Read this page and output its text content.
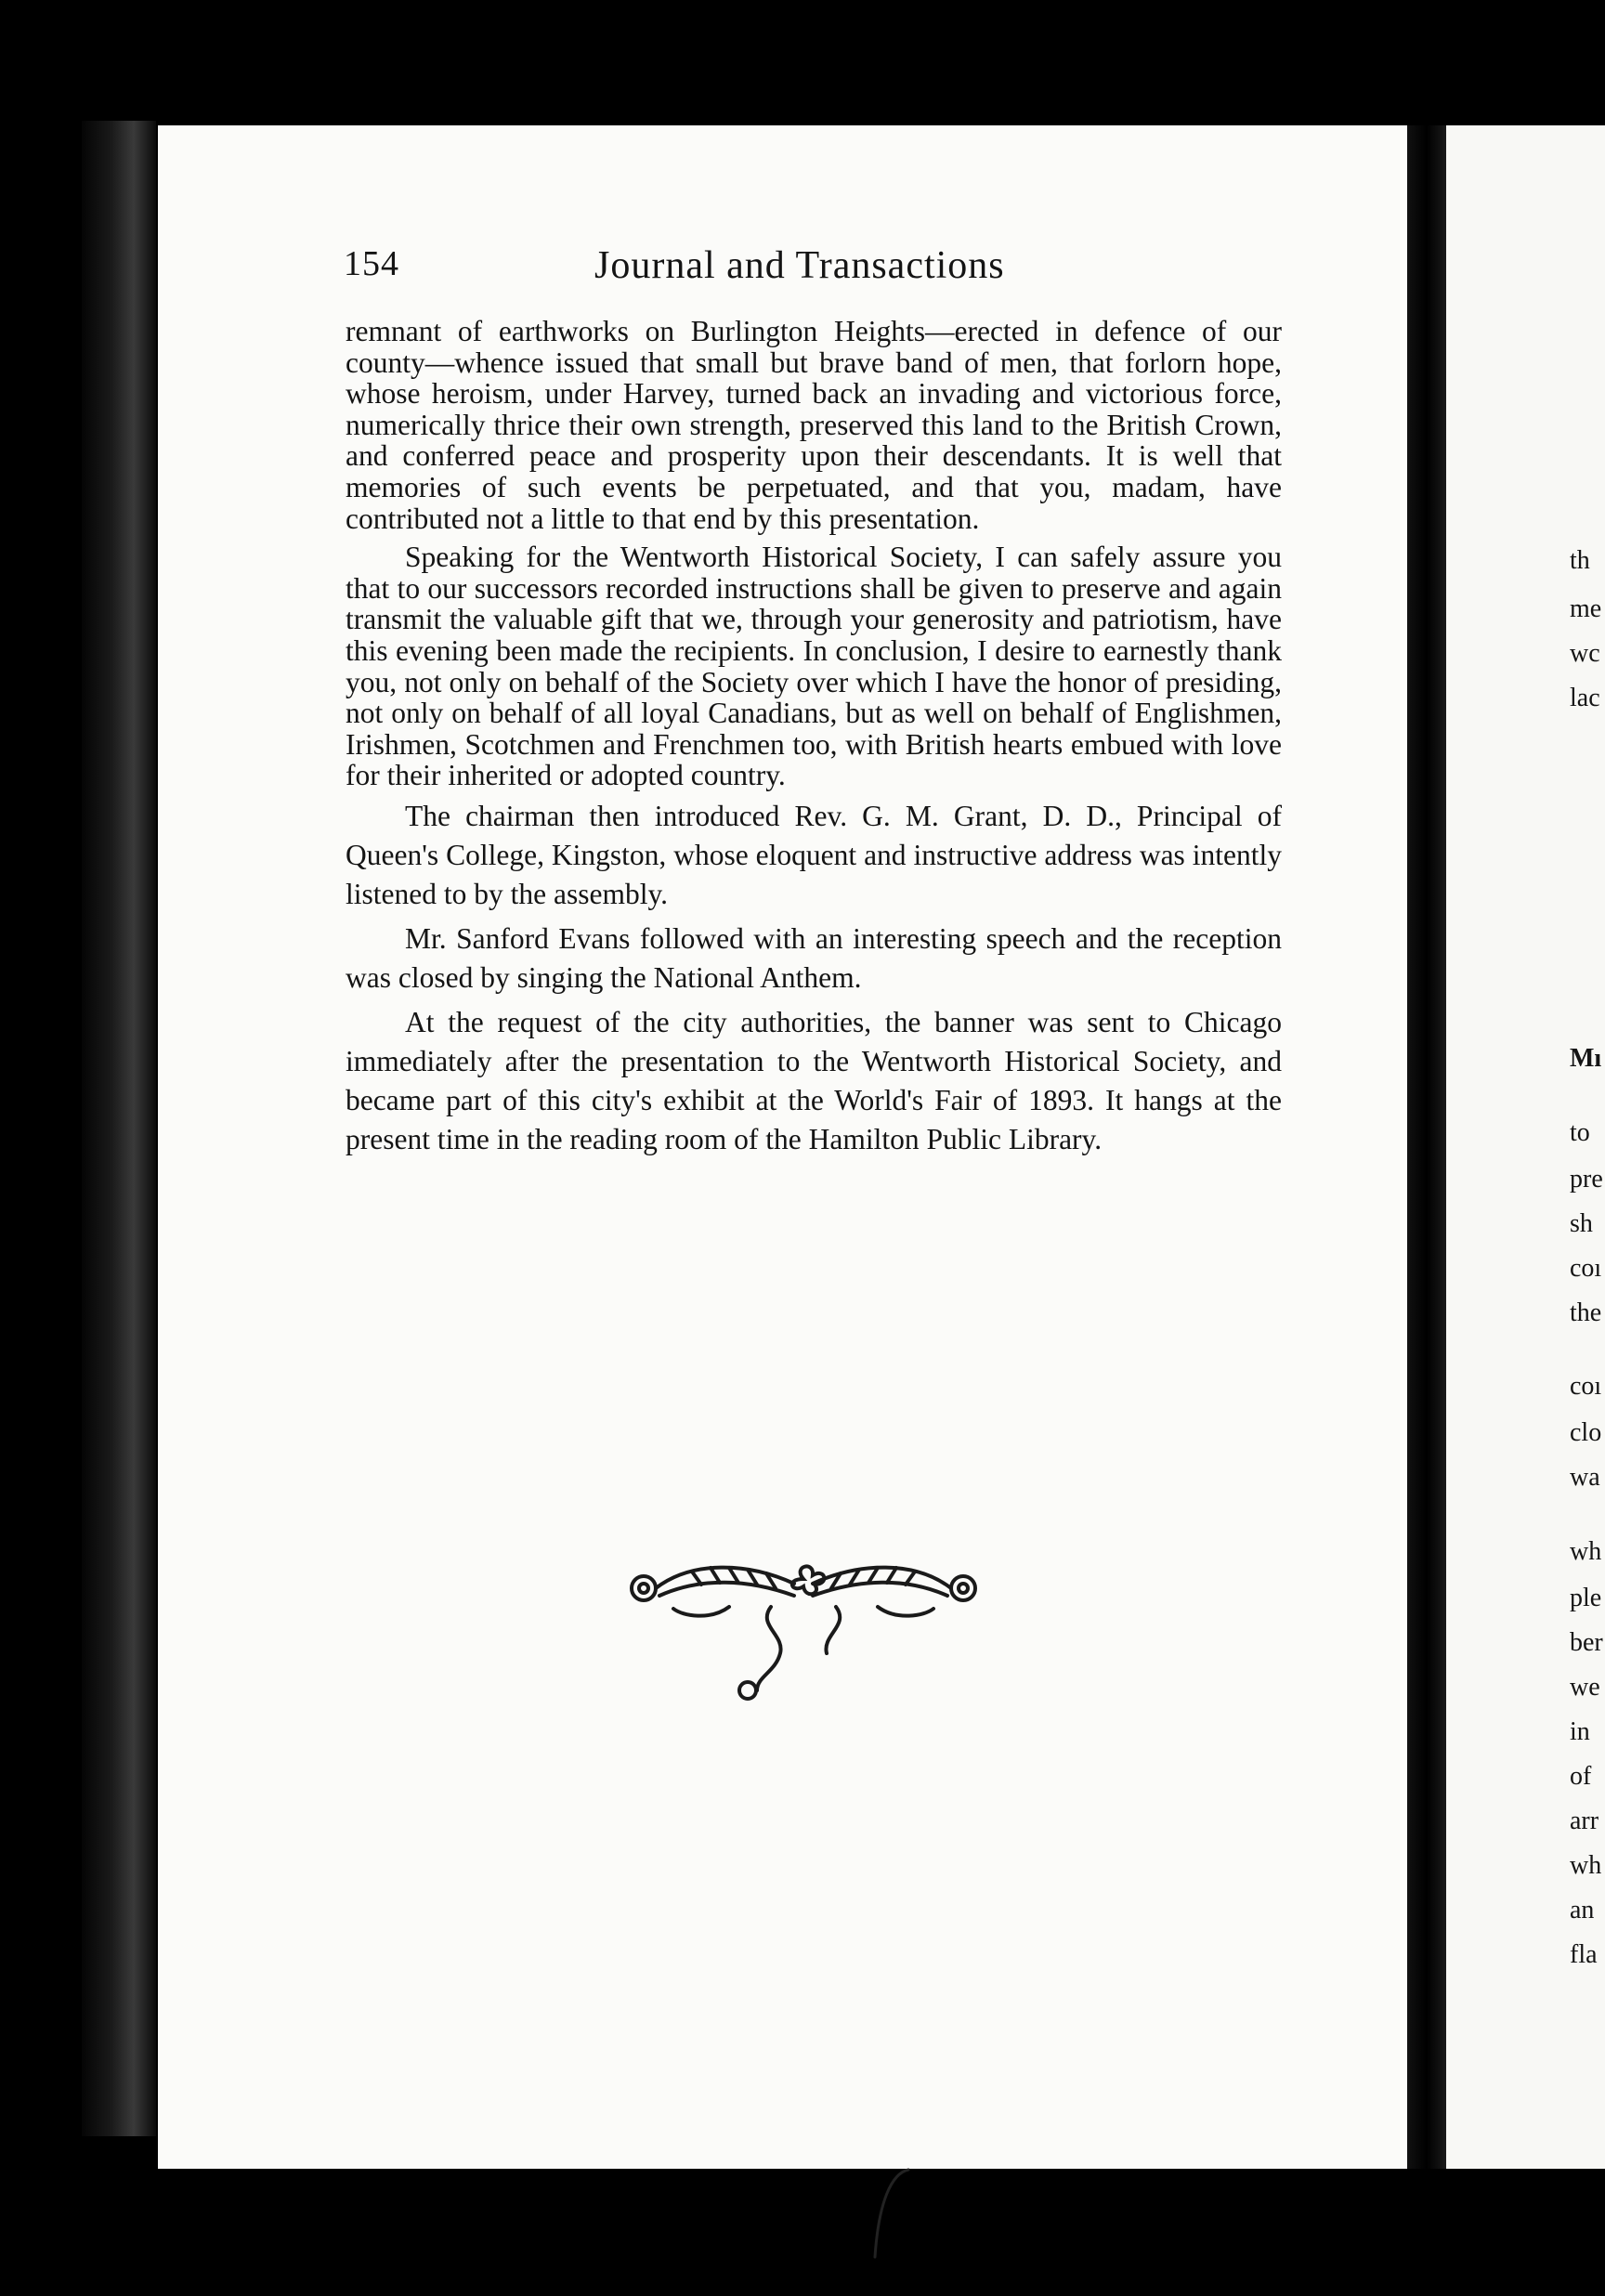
154	Journal and Transactions

remnant of earthworks on Burlington Heights—erected in defence of our county—whence issued that small but brave band of men, that forlorn hope, whose heroism, under Harvey, turned back an invading and victorious force, numerically thrice their own strength, preserved this land to the British Crown, and conferred peace and prosperity upon their descendants. It is well that memories of such events be perpetuated, and that you, madam, have contributed not a little to that end by this presentation.

Speaking for the Wentworth Historical Society, I can safely assure you that to our successors recorded instructions shall be given to preserve and again transmit the valuable gift that we, through your generosity and patriotism, have this evening been made the recipients. In conclusion, I desire to earnestly thank you, not only on behalf of the Society over which I have the honor of presiding, not only on behalf of all loyal Canadians, but as well on behalf of Englishmen, Irishmen, Scotchmen and Frenchmen too, with British hearts embued with love for their inherited or adopted country.

The chairman then introduced Rev. G. M. Grant, D. D., Principal of Queen's College, Kingston, whose eloquent and instructive address was intently listened to by the assembly.

Mr. Sanford Evans followed with an interesting speech and the reception was closed by singing the National Anthem.

At the request of the city authorities, the banner was sent to Chicago immediately after the presentation to the Wentworth Historical Society, and became part of this city's exhibit at the World's Fair of 1893. It hangs at the present time in the reading room of the Hamilton Public Library.

th
me
wc
lac
Mı
to
pre
sh
coı
the
coı
clo
wa
wh
ple
ber
we
in
of
arr
wh
an
fla
